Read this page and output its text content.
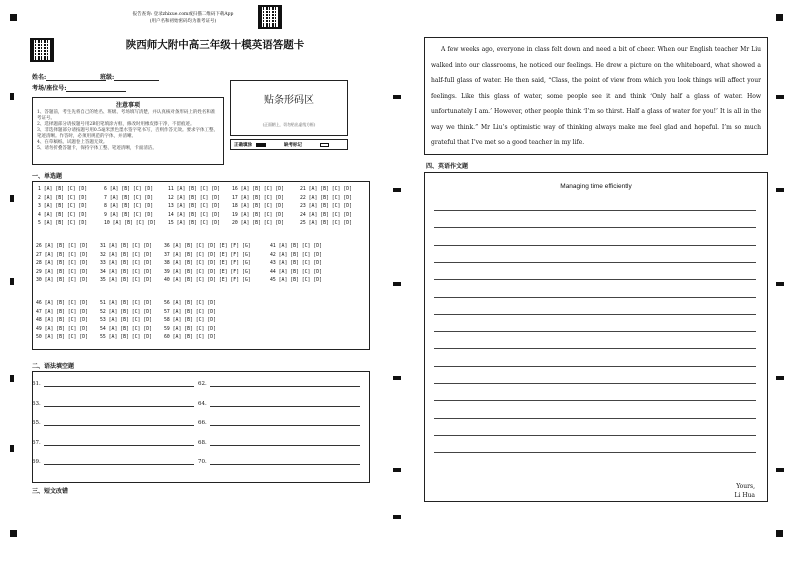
报告查询: 登录zhixue.com或扫描二维码下载App
(用户名和初始密码均为准考证号)
陕西师大附中高三年级十模英语答题卡
姓名:	班级:
考场/座位号:
注意事项
1、答题前，考生先将自己的姓名、班级、考场填写清楚，并认真核对条形码上的姓名和准考证号。
2、选择题部分请按题号用2B铅笔填涂方框，修改时用橡皮擦干净，不留痕迹。
3、非选择题部分请按题号用0.5毫米黑色墨水签字笔书写，否则作答无效。要求字体工整、笔迹清晰。作答时，必须用规范的字体，并清晰。
4、在草稿纸、试题卷上答题无效。
5、请勿折叠答题卡，保持字体工整、笔迹清晰，卡面清洁。
贴条形码区
(正面朝上，切勿贴出虚线方框)
正确填涂	缺考标记
一、单选题
1 [A] [B] [C] [D]
2 [A] [B] [C] [D]
3 [A] [B] [C] [D]
4 [A] [B] [C] [D]
5 [A] [B] [C] [D]
6 [A] [B] [C] [D]
7 [A] [B] [C] [D]
8 [A] [B] [C] [D]
9 [A] [B] [C] [D]
10 [A] [B] [C] [D]
11 [A] [B] [C] [D]
12 [A] [B] [C] [D]
13 [A] [B] [C] [D]
14 [A] [B] [C] [D]
15 [A] [B] [C] [D]
16 [A] [B] [C] [D]
17 [A] [B] [C] [D]
18 [A] [B] [C] [D]
19 [A] [B] [C] [D]
20 [A] [B] [C] [D]
21 [A] [B] [C] [D]
22 [A] [B] [C] [D]
23 [A] [B] [C] [D]
24 [A] [B] [C] [D]
25 [A] [B] [C] [D]
26 [A] [B] [C] [D]
27 [A] [B] [C] [D]
28 [A] [B] [C] [D]
29 [A] [B] [C] [D]
30 [A] [B] [C] [D]
31 [A] [B] [C] [D]
32 [A] [B] [C] [D]
33 [A] [B] [C] [D]
34 [A] [B] [C] [D]
35 [A] [B] [C] [D]
36 [A] [B] [C] [D] [E] [F] [G]
37 [A] [B] [C] [D] [E] [F] [G]
38 [A] [B] [C] [D] [E] [F] [G]
39 [A] [B] [C] [D] [E] [F] [G]
40 [A] [B] [C] [D] [E] [F] [G]
41 [A] [B] [C] [D]
42 [A] [B] [C] [D]
43 [A] [B] [C] [D]
44 [A] [B] [C] [D]
45 [A] [B] [C] [D]
46 [A] [B] [C] [D]
47 [A] [B] [C] [D]
48 [A] [B] [C] [D]
49 [A] [B] [C] [D]
50 [A] [B] [C] [D]
51 [A] [B] [C] [D]
52 [A] [B] [C] [D]
53 [A] [B] [C] [D]
54 [A] [B] [C] [D]
55 [A] [B] [C] [D]
56 [A] [B] [C] [D]
57 [A] [B] [C] [D]
58 [A] [B] [C] [D]
59 [A] [B] [C] [D]
60 [A] [B] [C] [D]
二、语法填空题
61.
63.
65.
67.
69.
62.
64.
66.
68.
70.
三、短文改错
A few weeks ago, everyone in class felt down and need a bit of cheer. When our English teacher Mr Liu walked into our classrooms, he noticed our feelings. He drew a picture on the whiteboard, what showed a half-full glass of water. He then said, “Class, the point of view from which you look things will affect your feelings. Like this glass of water, some people see it and think ‘Only half a glass of water. How unfortunately I am.’ However, other people think ‘I’m so thirst. Half a glass of water for you!’ It is all in the way we think.” Mr Liu’s optimistic way of thinking always make me feel glad and hopeful. I’m so much grateful that I’ve met so a good teacher in my life.
四、英语作文题
Managing time efficiently
Yours,
Li Hua
